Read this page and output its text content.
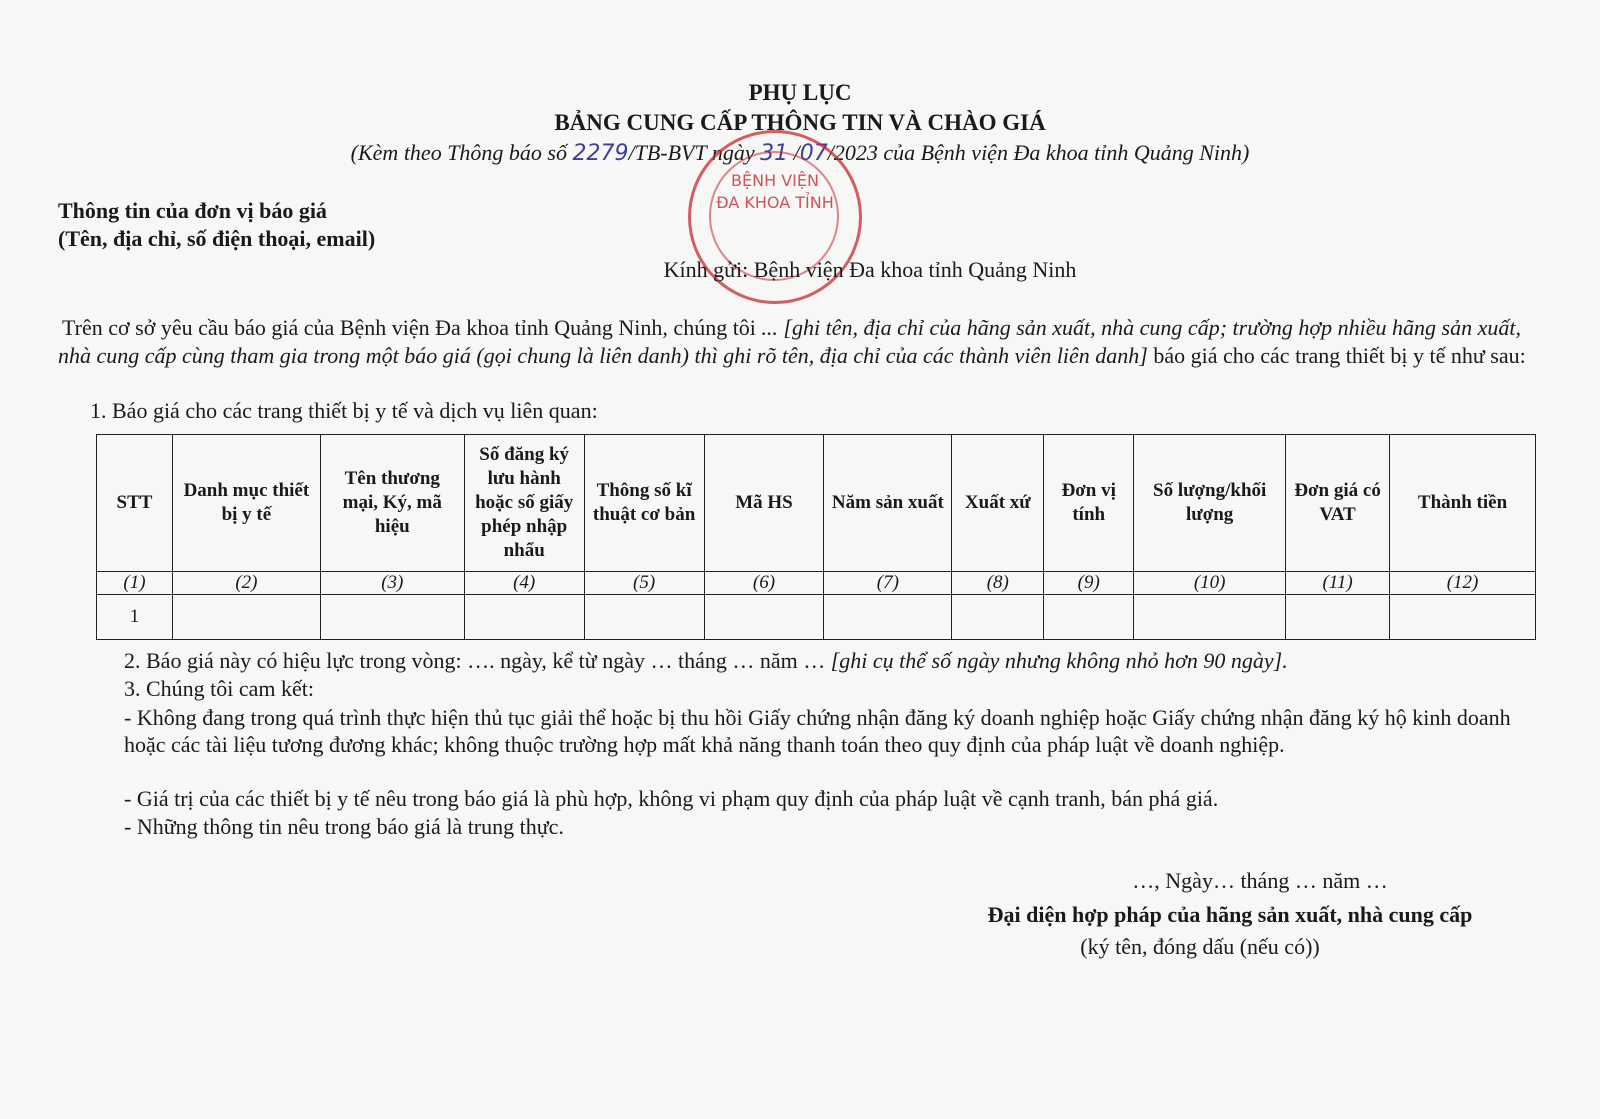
PHỤ LỤC
BẢNG CUNG CẤP THÔNG TIN VÀ CHÀO GIÁ
(Kèm theo Thông báo số 2279/TB-BVT ngày 31 /07/2023 của Bệnh viện Đa khoa tỉnh Quảng Ninh)
BỆNH VIỆN
ĐA KHOA TỈNH
Thông tin của đơn vị báo giá
(Tên, địa chỉ, số điện thoại, email)
Kính gửi: Bệnh viện Đa khoa tỉnh Quảng Ninh
Trên cơ sở yêu cầu báo giá của Bệnh viện Đa khoa tỉnh Quảng Ninh, chúng tôi ... [ghi tên, địa chỉ của hãng sản xuất, nhà cung cấp; trường hợp nhiều hãng sản xuất, nhà cung cấp cùng tham gia trong một báo giá (gọi chung là liên danh) thì ghi rõ tên, địa chỉ của các thành viên liên danh] báo giá cho các trang thiết bị y tế như sau:
1. Báo giá cho các trang thiết bị y tế và dịch vụ liên quan:
STT	Danh mục thiết bị y tế	Tên thương mại, Ký, mã hiệu	Số đăng ký lưu hành hoặc số giấy phép nhập nhẩu	Thông số kĩ thuật cơ bản	Mã HS	Năm sản xuất	Xuất xứ	Đơn vị tính	Số lượng/khối lượng	Đơn giá có VAT	Thành tiền
(1)	(2)	(3)	(4)	(5)	(6)	(7)	(8)	(9)	(10)	(11)	(12)
1											
2. Báo giá này có hiệu lực trong vòng: …. ngày, kể từ ngày … tháng … năm … [ghi cụ thể số ngày nhưng không nhỏ hơn 90 ngày].
3. Chúng tôi cam kết:
- Không đang trong quá trình thực hiện thủ tục giải thể hoặc bị thu hồi Giấy chứng nhận đăng ký doanh nghiệp hoặc Giấy chứng nhận đăng ký hộ kinh doanh hoặc các tài liệu tương đương khác; không thuộc trường hợp mất khả năng thanh toán theo quy định của pháp luật về doanh nghiệp.
- Giá trị của các thiết bị y tế nêu trong báo giá là phù hợp, không vi phạm quy định của pháp luật về cạnh tranh, bán phá giá.
- Những thông tin nêu trong báo giá là trung thực.
…, Ngày… tháng … năm …
Đại diện hợp pháp của hãng sản xuất, nhà cung cấp
(ký tên, đóng dấu (nếu có))
